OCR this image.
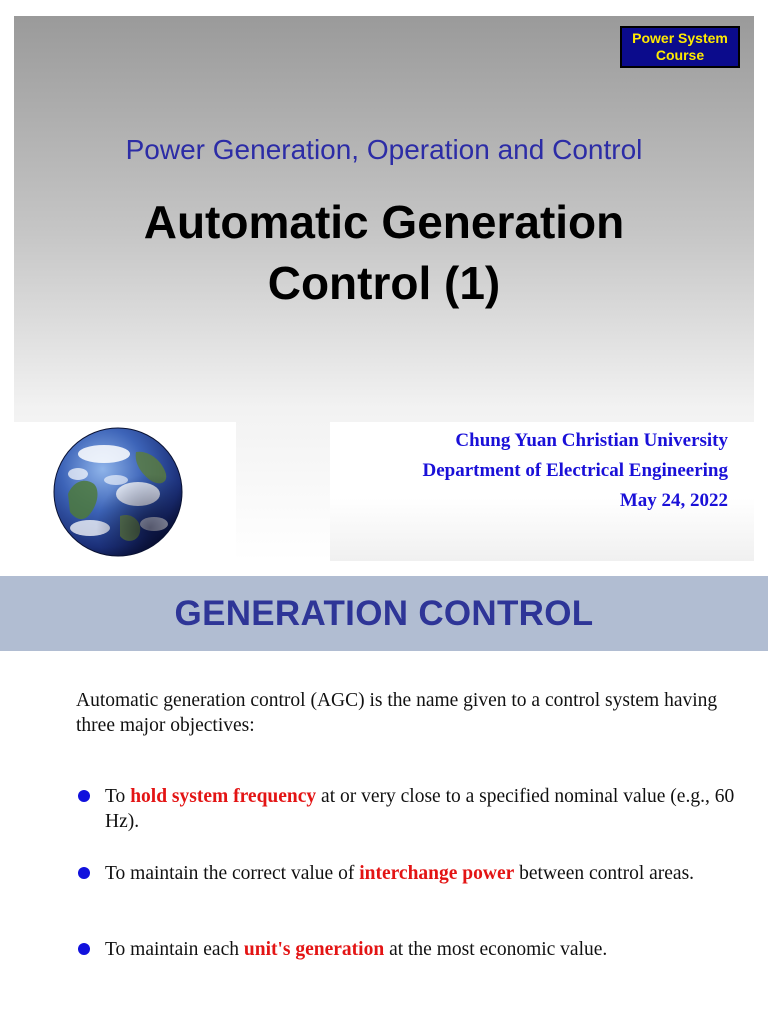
Power System
Course
Power Generation, Operation and Control
Automatic Generation
Control (1)
Chung Yuan Christian University
Department of Electrical Engineering
May 24, 2022
GENERATION CONTROL
Automatic generation control (AGC) is the name given to a control system having three major objectives:
To hold system frequency at or very close to a specified nominal value (e.g., 60 Hz).
To maintain the correct value of interchange power between control areas.
To maintain each unit's generation at the most economic value.
